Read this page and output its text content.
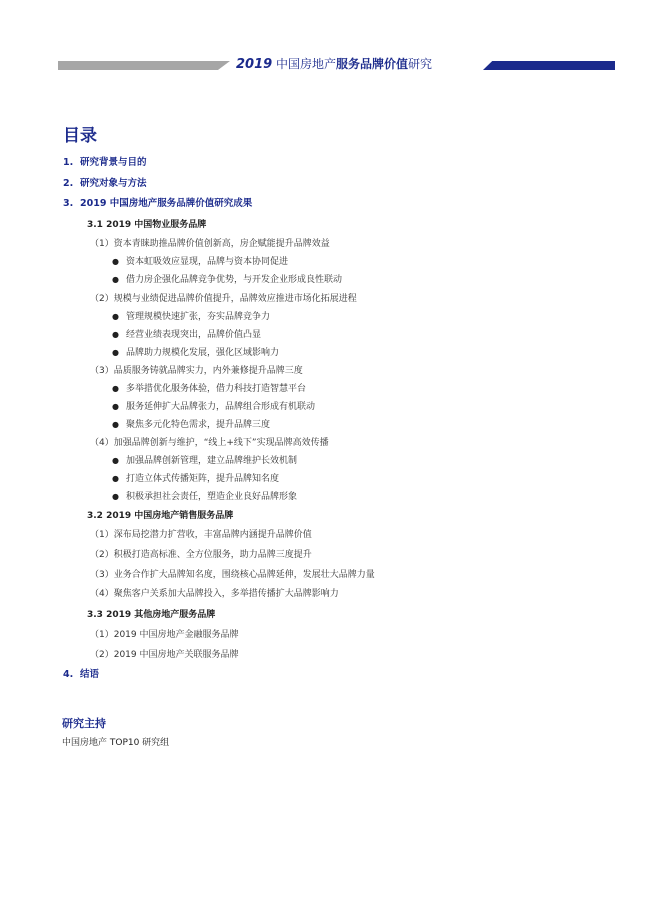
2019 中国房地产服务品牌价值研究
目录
1. 研究背景与目的
2. 研究对象与方法
3. 2019 中国房地产服务品牌价值研究成果
3.1 2019 中国物业服务品牌
（1）资本青睐助推品牌价值创新高，房企赋能提升品牌效益
● 资本虹吸效应显现，品牌与资本协同促进
● 借力房企强化品牌竞争优势，与开发企业形成良性联动
（2）规模与业绩促进品牌价值提升，品牌效应推进市场化拓展进程
● 管理规模快速扩张，夯实品牌竞争力
● 经营业绩表现突出，品牌价值凸显
● 品牌助力规模化发展，强化区域影响力
（3）品质服务铸就品牌实力，内外兼修提升品牌三度
● 多举措优化服务体验，借力科技打造智慧平台
● 服务延伸扩大品牌张力，品牌组合形成有机联动
● 聚焦多元化特色需求，提升品牌三度
（4）加强品牌创新与维护，“线上+线下”实现品牌高效传播
● 加强品牌创新管理，建立品牌维护长效机制
● 打造立体式传播矩阵，提升品牌知名度
● 积极承担社会责任，塑造企业良好品牌形象
3.2 2019 中国房地产销售服务品牌
（1）深布局挖潜力扩营收，丰富品牌内涵提升品牌价值
（2）积极打造高标准、全方位服务，助力品牌三度提升
（3）业务合作扩大品牌知名度，围绕核心品牌延伸，发展壮大品牌力量
（4）聚焦客户关系加大品牌投入，多举措传播扩大品牌影响力
3.3 2019 其他房地产服务品牌
（1）2019 中国房地产金融服务品牌
（2）2019 中国房地产关联服务品牌
4. 结语
研究主持
中国房地产 TOP10 研究组
